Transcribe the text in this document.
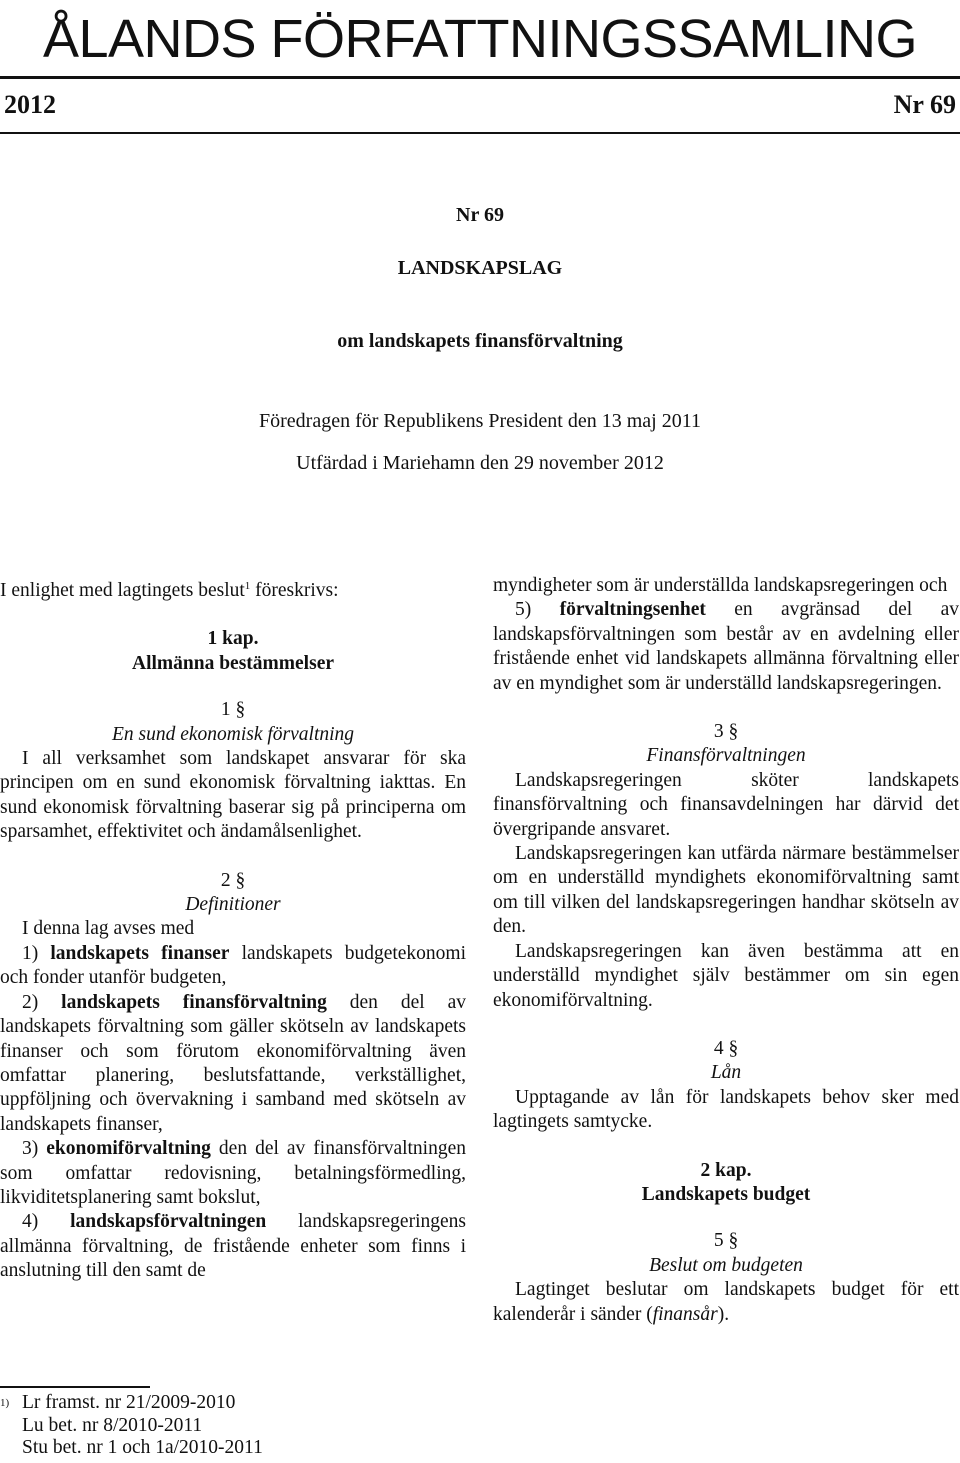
ÅLANDS FÖRFATTNINGSSAMLING
2012	Nr 69
Nr 69
LANDSKAPSLAG
om landskapets finansförvaltning
Föredragen för Republikens President den 13 maj 2011
Utfärdad i Mariehamn den 29 november 2012

I enlighet med lagtingets beslut$^1$ föreskrivs:

1 kap.

Allmänna bestämmelser

1 §

En sund ekonomisk förvaltning

I all verksamhet som landskapet ansvarar för ska principen om en sund ekonomisk förvaltning iakttas. En sund ekonomisk förvaltning baserar sig på principerna om sparsamhet, effektivitet och ändamålsenlighet.

2 §

Definitioner

I denna lag avses med

1) landskapets finanser landskapets budgetekonomi och fonder utanför budgeten,

2) landskapets finansförvaltning den del av landskapets förvaltning som gäller skötseln av landskapets finanser och som förutom ekonomiförvaltning även omfattar planering, beslutsfattande, verkställighet, uppföljning och övervakning i samband med skötseln av landskapets finanser,

3) ekonomiförvaltning den del av finansförvaltningen som omfattar redovisning, betalningsförmedling, likviditetsplanering samt bokslut,

4) landskapsförvaltningen landskapsregeringens allmänna förvaltning, de fristående enheter som finns i anslutning till den samt de

1) Lr framst. nr 21/2009-2010
Lu bet. nr 8/2010-2011
Stu bet. nr 1 och 1a/2010-2011

myndigheter som är underställda landskapsregeringen och

5) förvaltningsenhet en avgränsad del av landskapsförvaltningen som består av en avdelning eller fristående enhet vid landskapets allmänna förvaltning eller av en myndighet som är underställd landskapsregeringen.

3 §

Finansförvaltningen

Landskapsregeringen sköter landskapets finansförvaltning och finansavdelningen har därvid det övergripande ansvaret.

Landskapsregeringen kan utfärda närmare bestämmelser om en underställd myndighets ekonomiförvaltning samt om till vilken del landskapsregeringen handhar skötseln av den.

Landskapsregeringen kan även bestämma att en underställd myndighet själv bestämmer om sin egen ekonomiförvaltning.

4 §

Lån

Upptagande av lån för landskapets behov sker med lagtingets samtycke.

2 kap.

Landskapets budget

5 §

Beslut om budgeten

Lagtinget beslutar om landskapets budget för ett kalenderår i sänder (finansår).
